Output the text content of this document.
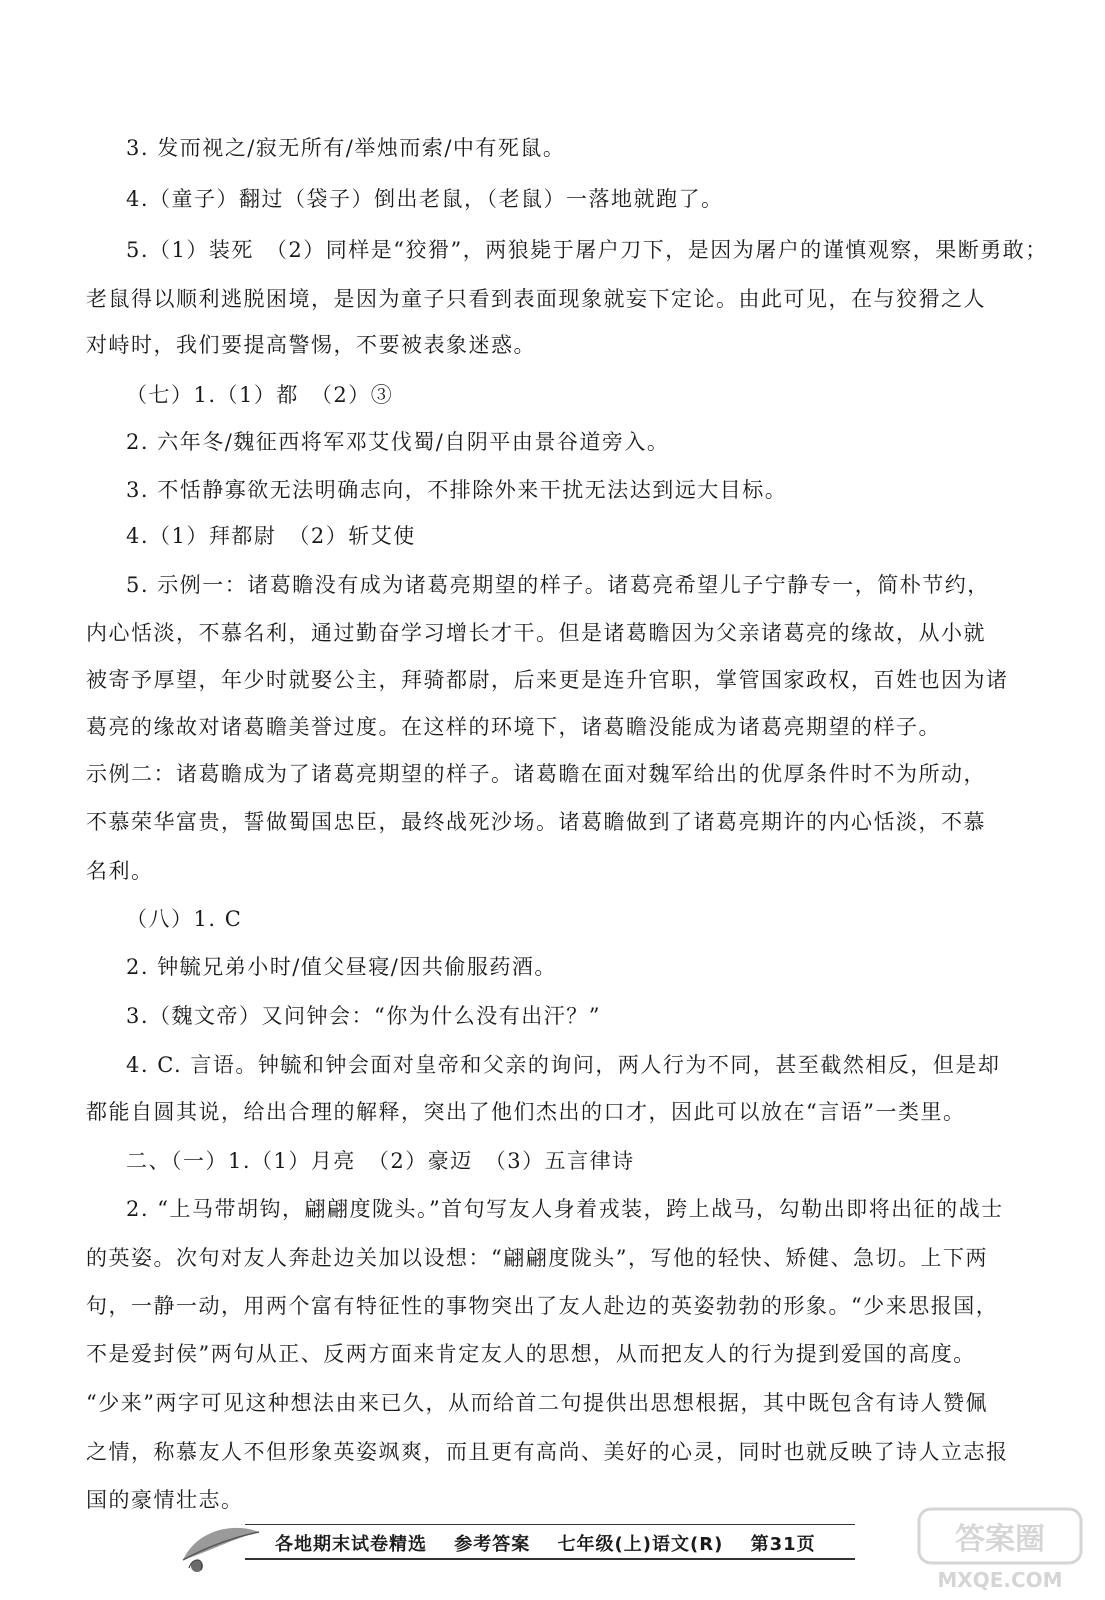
3. 发而视之/寂无所有/举烛而索/中有死鼠。
4.（童子）翻过（袋子）倒出老鼠，（老鼠）一落地就跑了。
5.（1）装死　（2）同样是“狡猾”，两狼毙于屠户刀下，是因为屠户的谨慎观察，果断勇敢；
老鼠得以顺利逃脱困境，是因为童子只看到表面现象就妄下定论。由此可见，在与狡猾之人
对峙时，我们要提高警惕，不要被表象迷惑。
（七）1.（1）都　（2）③
2. 六年冬/魏征西将军邓艾伐蜀/自阴平由景谷道旁入。
3. 不恬静寡欲无法明确志向，不排除外来干扰无法达到远大目标。
4.（1）拜都尉　（2）斩艾使
5. 示例一：诸葛瞻没有成为诸葛亮期望的样子。诸葛亮希望儿子宁静专一，简朴节约，
内心恬淡，不慕名利，通过勤奋学习增长才干。但是诸葛瞻因为父亲诸葛亮的缘故，从小就
被寄予厚望，年少时就娶公主，拜骑都尉，后来更是连升官职，掌管国家政权，百姓也因为诸
葛亮的缘故对诸葛瞻美誉过度。在这样的环境下，诸葛瞻没能成为诸葛亮期望的样子。
示例二：诸葛瞻成为了诸葛亮期望的样子。诸葛瞻在面对魏军给出的优厚条件时不为所动，
不慕荣华富贵，誓做蜀国忠臣，最终战死沙场。诸葛瞻做到了诸葛亮期许的内心恬淡，不慕
名利。
（八）1. C
2. 钟毓兄弟小时/值父昼寝/因共偷服药酒。
3.（魏文帝）又问钟会：“你为什么没有出汗？”
4. C. 言语。钟毓和钟会面对皇帝和父亲的询问，两人行为不同，甚至截然相反，但是却
都能自圆其说，给出合理的解释，突出了他们杰出的口才，因此可以放在“言语”一类里。
二、（一）1.（1）月亮　（2）豪迈　（3）五言律诗
2. “上马带胡钩，翩翩度陇头。”首句写友人身着戎装，跨上战马，勾勒出即将出征的战士
的英姿。次句对友人奔赴边关加以设想：“翩翩度陇头”，写他的轻快、矫健、急切。上下两
句，一静一动，用两个富有特征性的事物突出了友人赴边的英姿勃勃的形象。“少来思报国，
不是爱封侯”两句从正、反两方面来肯定友人的思想，从而把友人的行为提到爱国的高度。
“少来”两字可见这种想法由来已久，从而给首二句提供出思想根据，其中既包含有诗人赞佩
之情，称慕友人不但形象英姿飒爽，而且更有高尚、美好的心灵，同时也就反映了诗人立志报
国的豪情壮志。
各地期末试卷精选 参考答案 七年级(上)语文(R) 第31页	答案圈
MXQE.COM
